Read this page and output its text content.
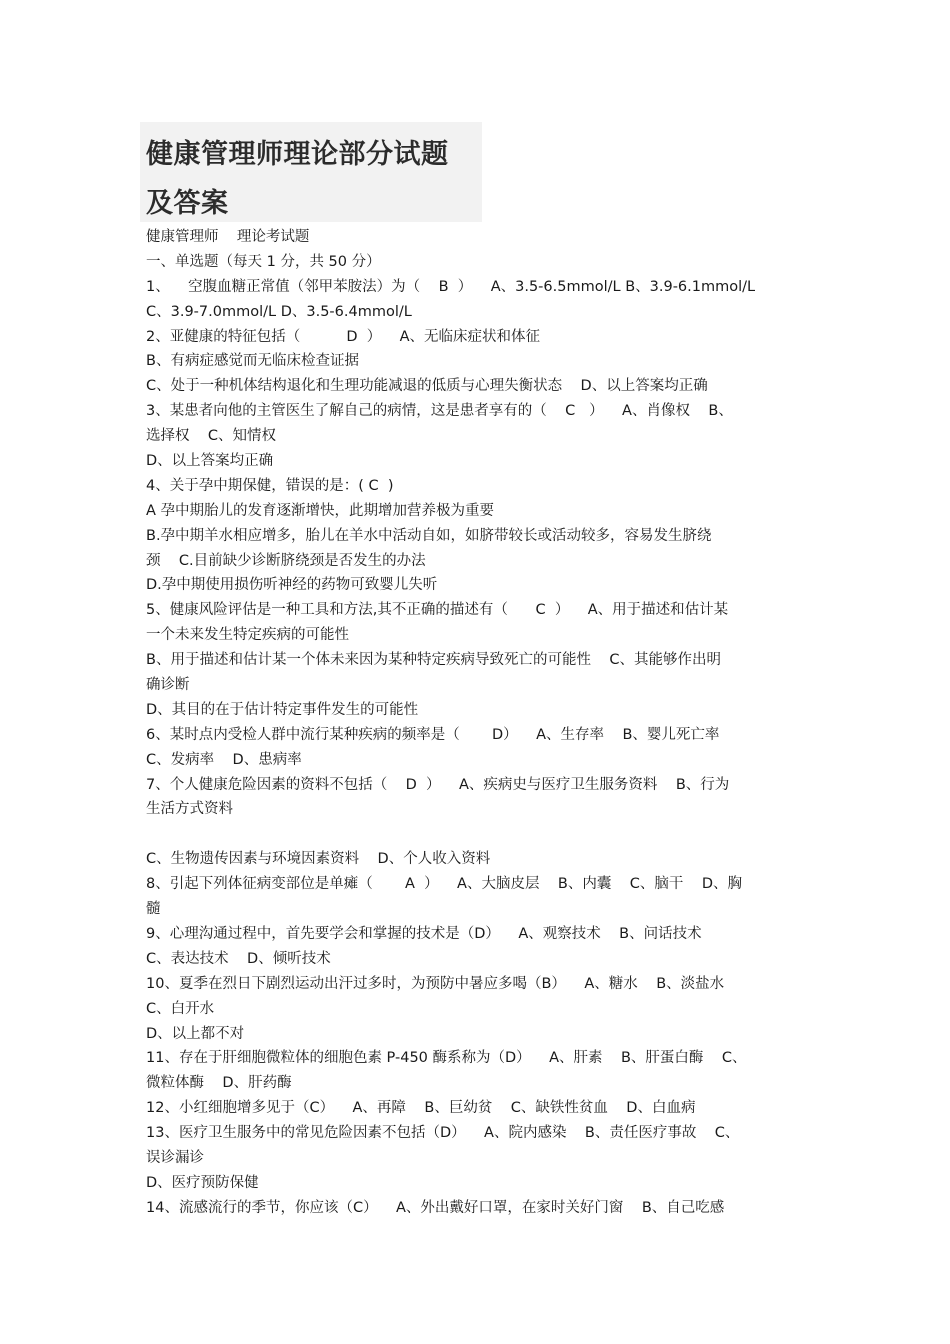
健康管理师理论部分试题
及答案
健康管理师    理论考试题
一、单选题（每天 1 分，共 50 分）
1、    空腹血糖正常值（邻甲苯胺法）为（    B  ）    A、3.5-6.5mmol/L B、3.9-6.1mmol/L
C、3.9-7.0mmol/L D、3.5-6.4mmol/L
2、亚健康的特征包括（          D  ）    A、无临床症状和体征
B、有病症感觉而无临床检查证据
C、处于一种机体结构退化和生理功能减退的低质与心理失衡状态    D、以上答案均正确
3、某患者向他的主管医生了解自己的病情，这是患者享有的（    C   ）    A、肖像权    B、
选择权    C、知情权
D、以上答案均正确
4、关于孕中期保健，错误的是：( C  )
A 孕中期胎儿的发育逐渐增快，此期增加营养极为重要
B.孕中期羊水相应增多，胎儿在羊水中活动自如，如脐带较长或活动较多，容易发生脐绕
颈    C.目前缺少诊断脐绕颈是否发生的办法
D.孕中期使用损伤听神经的药物可致婴儿失听
5、健康风险评估是一种工具和方法,其不正确的描述有（      C  ）    A、用于描述和估计某
一个未来发生特定疾病的可能性
B、用于描述和估计某一个体未来因为某种特定疾病导致死亡的可能性    C、其能够作出明
确诊断
D、其目的在于估计特定事件发生的可能性
6、某时点内受检人群中流行某种疾病的频率是（       D）    A、生存率    B、婴儿死亡率
C、发病率    D、患病率
7、个人健康危险因素的资料不包括（    D  ）    A、疾病史与医疗卫生服务资料    B、行为
生活方式资料
C、生物遗传因素与环境因素资料    D、个人收入资料
8、引起下列体征病变部位是单瘫（       A  ）    A、大脑皮层    B、内囊    C、脑干    D、胸
髓
9、心理沟通过程中，首先要学会和掌握的技术是（D）    A、观察技术    B、问话技术
C、表达技术    D、倾听技术
10、夏季在烈日下剧烈运动出汗过多时，为预防中暑应多喝（B）    A、糖水    B、淡盐水
C、白开水
D、以上都不对
11、存在于肝细胞微粒体的细胞色素 P-450 酶系称为（D）    A、肝素    B、肝蛋白酶    C、
微粒体酶    D、肝药酶
12、小红细胞增多见于（C）    A、再障    B、巨幼贫    C、缺铁性贫血    D、白血病
13、医疗卫生服务中的常见危险因素不包括（D）    A、院内感染    B、责任医疗事故    C、
误诊漏诊
D、医疗预防保健
14、流感流行的季节，你应该（C）    A、外出戴好口罩，在家时关好门窗    B、自己吃感
